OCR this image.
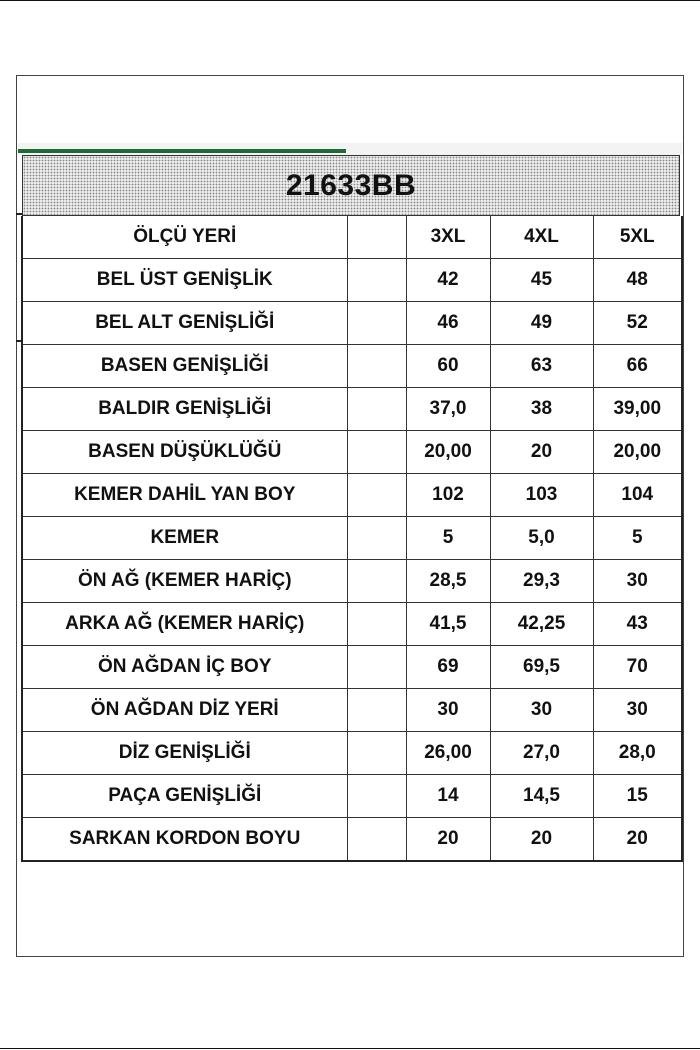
21633BB
ÖLÇÜ YERİ		3XL	4XL	5XL
BEL ÜST GENİŞLİK		42	45	48
BEL ALT GENİŞLİĞİ		46	49	52
BASEN GENİŞLİĞİ		60	63	66
BALDIR GENİŞLİĞİ		37,0	38	39,00
BASEN DÜŞÜKLÜĞÜ		20,00	20	20,00
KEMER DAHİL YAN BOY		102	103	104
KEMER		5	5,0	5
ÖN AĞ (KEMER HARİÇ)		28,5	29,3	30
ARKA AĞ (KEMER HARİÇ)		41,5	42,25	43
ÖN AĞDAN İÇ BOY		69	69,5	70
ÖN AĞDAN DİZ YERİ		30	30	30
DİZ GENİŞLİĞİ		26,00	27,0	28,0
PAÇA GENİŞLİĞİ		14	14,5	15
SARKAN KORDON BOYU		20	20	20
